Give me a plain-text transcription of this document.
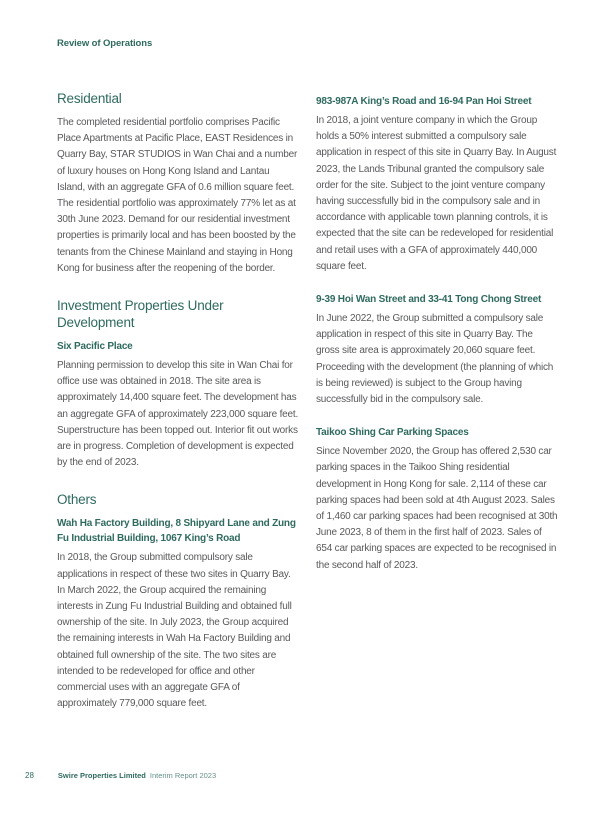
Review of Operations
Residential

The completed residential portfolio comprises Pacific Place Apartments at Pacific Place, EAST Residences in Quarry Bay, STAR STUDIOS in Wan Chai and a number of luxury houses on Hong Kong Island and Lantau Island, with an aggregate GFA of 0.6 million square feet. The residential portfolio was approximately 77% let as at 30th June 2023. Demand for our residential investment properties is primarily local and has been boosted by the tenants from the Chinese Mainland and staying in Hong Kong for business after the reopening of the border.

Investment Properties Under Development
Six Pacific Place

Planning permission to develop this site in Wan Chai for office use was obtained in 2018. The site area is approximately 14,400 square feet. The development has an aggregate GFA of approximately 223,000 square feet. Superstructure has been topped out. Interior fit out works are in progress. Completion of development is expected by the end of 2023.

Others
Wah Ha Factory Building, 8 Shipyard Lane and Zung Fu Industrial Building, 1067 King’s Road

In 2018, the Group submitted compulsory sale applications in respect of these two sites in Quarry Bay. In March 2022, the Group acquired the remaining interests in Zung Fu Industrial Building and obtained full ownership of the site. In July 2023, the Group acquired the remaining interests in Wah Ha Factory Building and obtained full ownership of the site. The two sites are intended to be redeveloped for office and other commercial uses with an aggregate GFA of approximately 779,000 square feet.

983-987A King’s Road and 16-94 Pan Hoi Street

In 2018, a joint venture company in which the Group holds a 50% interest submitted a compulsory sale application in respect of this site in Quarry Bay. In August 2023, the Lands Tribunal granted the compulsory sale order for the site. Subject to the joint venture company having successfully bid in the compulsory sale and in accordance with applicable town planning controls, it is expected that the site can be redeveloped for residential and retail uses with a GFA of approximately 440,000 square feet.

9-39 Hoi Wan Street and 33-41 Tong Chong Street

In June 2022, the Group submitted a compulsory sale application in respect of this site in Quarry Bay. The gross site area is approximately 20,060 square feet. Proceeding with the development (the planning of which is being reviewed) is subject to the Group having successfully bid in the compulsory sale.

Taikoo Shing Car Parking Spaces

Since November 2020, the Group has offered 2,530 car parking spaces in the Taikoo Shing residential development in Hong Kong for sale. 2,114 of these car parking spaces had been sold at 4th August 2023. Sales of 1,460 car parking spaces had been recognised at 30th June 2023, 8 of them in the first half of 2023. Sales of 654 car parking spaces are expected to be recognised in the second half of 2023.

28	Swire Properties Limited Interim Report 2023
